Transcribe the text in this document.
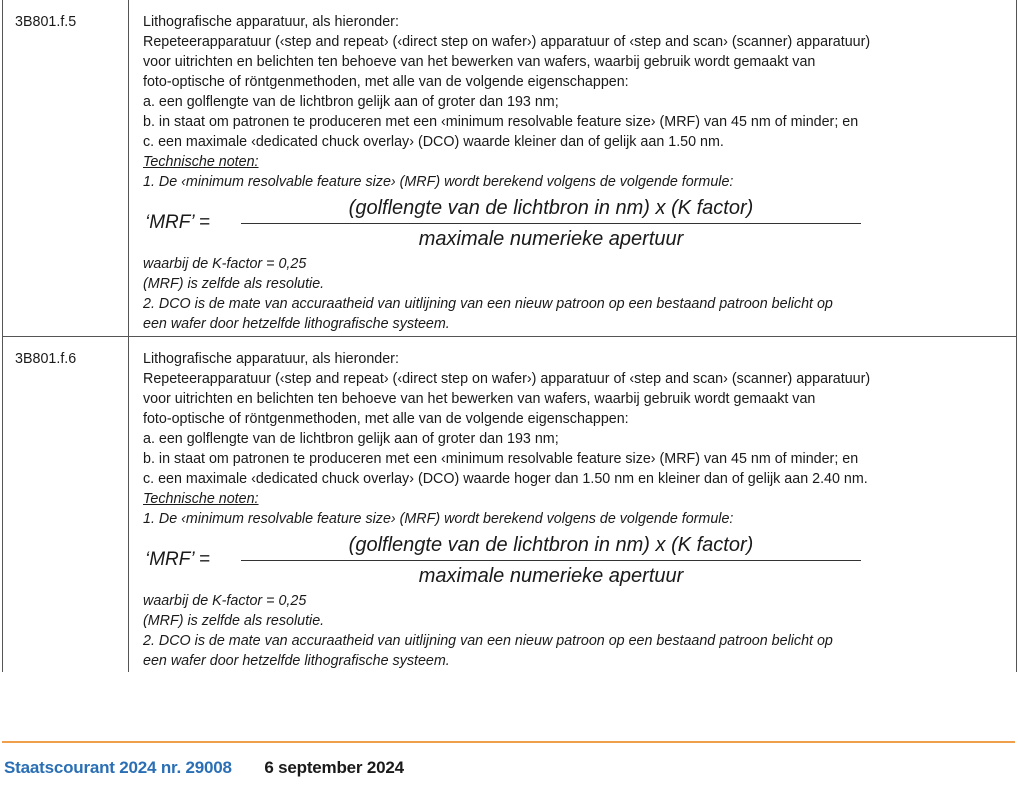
3B801.f.5	Lithografische apparatuur, als hieronder:

Repeteerapparatuur (‹step and repeat› (‹direct step on wafer›) apparatuur of ‹step and scan› (scanner) apparatuur)

voor uitrichten en belichten ten behoeve van het bewerken van wafers, waarbij gebruik wordt gemaakt van

foto-optische of röntgenmethoden, met alle van de volgende eigenschappen:

a. een golflengte van de lichtbron gelijk aan of groter dan 193 nm;

b. in staat om patronen te produceren met een ‹minimum resolvable feature size› (MRF) van 45 nm of minder; en

c. een maximale ‹dedicated chuck overlay› (DCO) waarde kleiner dan of gelijk aan 1.50 nm.

Technische noten:

1. De ‹minimum resolvable feature size› (MRF) wordt berekend volgens de volgende formule:

‘MRF’ =	$\frac{\text{(golflengte van de lichtbron in nm) x (K factor)}}{\text{maximale numerieke apertuur}}$

waarbij de K-factor = 0,25

(MRF) is zelfde als resolutie.

2. DCO is de mate van accuraatheid van uitlijning van een nieuw patroon op een bestaand patroon belicht op

een wafer door hetzelfde lithografische systeem.

3B801.f.6	Lithografische apparatuur, als hieronder:

Repeteerapparatuur (‹step and repeat› (‹direct step on wafer›) apparatuur of ‹step and scan› (scanner) apparatuur)

voor uitrichten en belichten ten behoeve van het bewerken van wafers, waarbij gebruik wordt gemaakt van

foto-optische of röntgenmethoden, met alle van de volgende eigenschappen:

a. een golflengte van de lichtbron gelijk aan of groter dan 193 nm;

b. in staat om patronen te produceren met een ‹minimum resolvable feature size› (MRF) van 45 nm of minder; en

c. een maximale ‹dedicated chuck overlay› (DCO) waarde hoger dan 1.50 nm en kleiner dan of gelijk aan 2.40 nm.

Technische noten:

1. De ‹minimum resolvable feature size› (MRF) wordt berekend volgens de volgende formule:

‘MRF’ =	$\frac{\text{(golflengte van de lichtbron in nm) x (K factor)}}{\text{maximale numerieke apertuur}}$

waarbij de K-factor = 0,25

(MRF) is zelfde als resolutie.

2. DCO is de mate van accuraatheid van uitlijning van een nieuw patroon op een bestaand patroon belicht op

een wafer door hetzelfde lithografische systeem.

Staatscourant 2024 nr. 29008 6 september 2024
